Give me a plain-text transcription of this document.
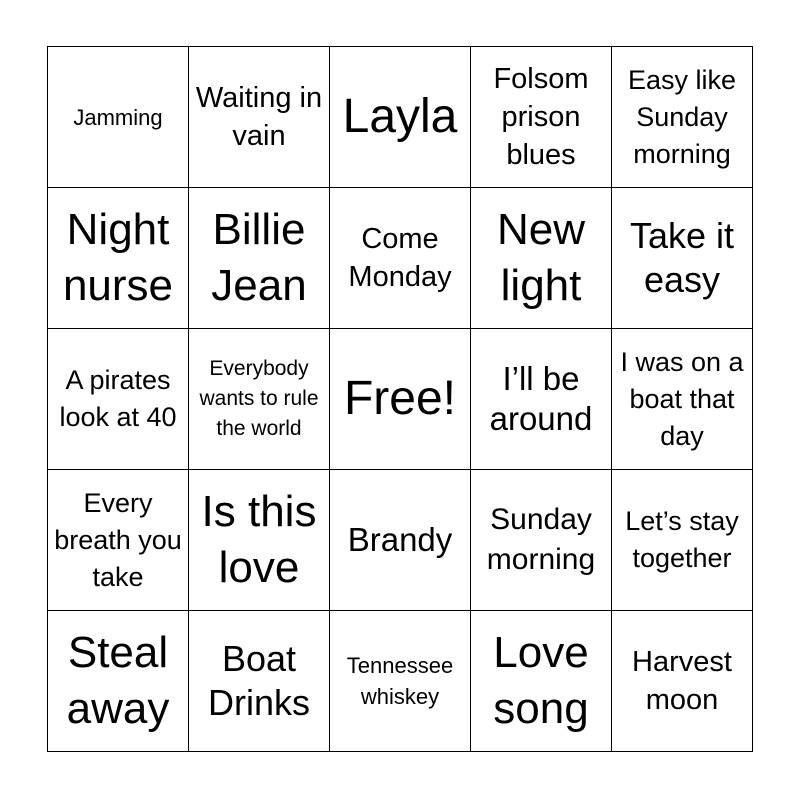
Jamming
Waiting in vain	Layla
Folsom prison blues
Easy like Sunday morning
Night nurse
Billie Jean
Come Monday
New light
Take it easy
A pirates look at 40
Everybody wants to rule the world
Free!	I’ll be around
I was on a boat that day
Every breath you take
Is this love
Brandy
Sunday morning
Let’s stay together
Steal away
Boat Drinks
Tennessee whiskey
Love song
Harvest moon
